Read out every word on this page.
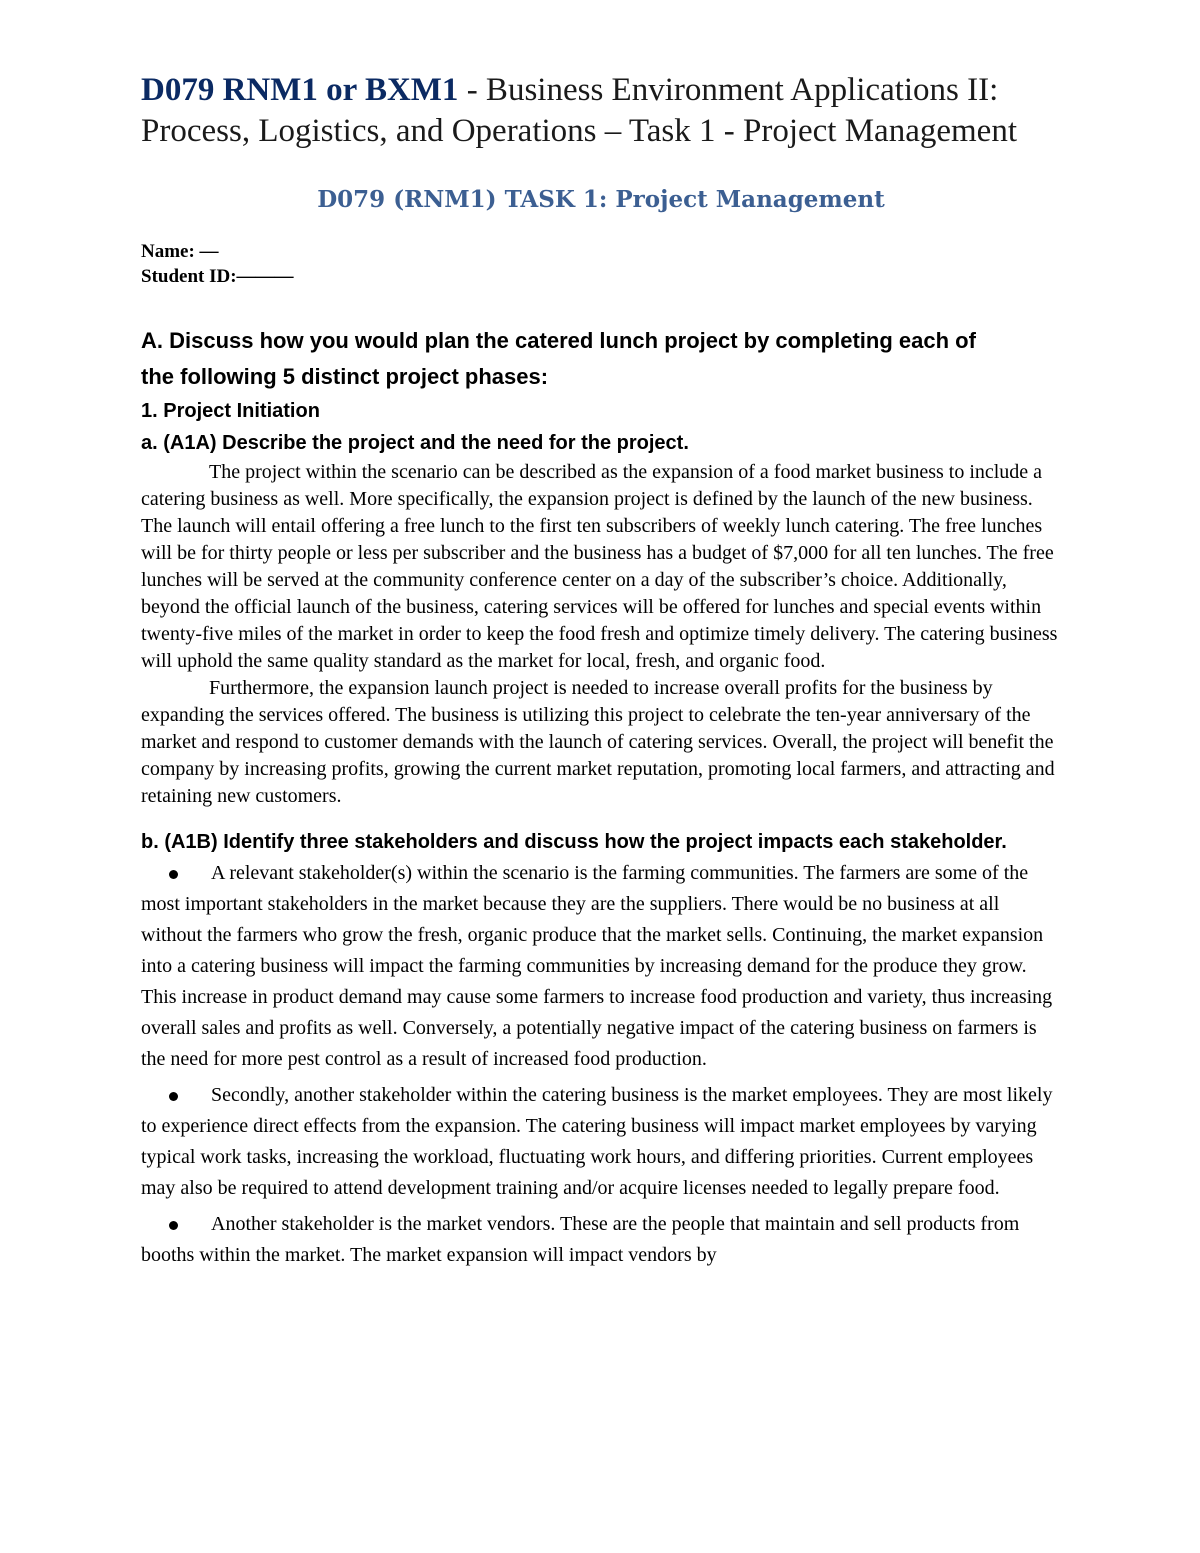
D079 RNM1 or BXM1 - Business Environment Applications II: Process, Logistics, and Operations – Task 1 - Project Management
D079 (RNM1) TASK 1: Project Management
Name: —
Student ID:———
A. Discuss how you would plan the catered lunch project by completing each of
the following 5 distinct project phases:
1. Project Initiation
a. (A1A) Describe the project and the need for the project.

The project within the scenario can be described as the expansion of a food market business to include a catering business as well. More specifically, the expansion project is defined by the launch of the new business. The launch will entail offering a free lunch to the first ten subscribers of weekly lunch catering. The free lunches will be for thirty people or less per subscriber and the business has a budget of $7,000 for all ten lunches. The free lunches will be served at the community conference center on a day of the subscriber’s choice. Additionally, beyond the official launch of the business, catering services will be offered for lunches and special events within twenty-five miles of the market in order to keep the food fresh and optimize timely delivery. The catering business will uphold the same quality standard as the market for local, fresh, and organic food.

Furthermore, the expansion launch project is needed to increase overall profits for the business by expanding the services offered. The business is utilizing this project to celebrate the ten-year anniversary of the market and respond to customer demands with the launch of catering services. Overall, the project will benefit the company by increasing profits, growing the current market reputation, promoting local farmers, and attracting and retaining new customers.

b. (A1B) Identify three stakeholders and discuss how the project impacts each stakeholder.
A relevant stakeholder(s) within the scenario is the farming communities. The farmers are some of the most important stakeholders in the market because they are the suppliers. There would be no business at all without the farmers who grow the fresh, organic produce that the market sells. Continuing, the market expansion into a catering business will impact the farming communities by increasing demand for the produce they grow. This increase in product demand may cause some farmers to increase food production and variety, thus increasing overall sales and profits as well. Conversely, a potentially negative impact of the catering business on farmers is the need for more pest control as a result of increased food production.
Secondly, another stakeholder within the catering business is the market employees. They are most likely to experience direct effects from the expansion. The catering business will impact market employees by varying typical work tasks, increasing the workload, fluctuating work hours, and differing priorities. Current employees may also be required to attend development training and/or acquire licenses needed to legally prepare food.
Another stakeholder is the market vendors. These are the people that maintain and sell products from booths within the market. The market expansion will impact vendors by
